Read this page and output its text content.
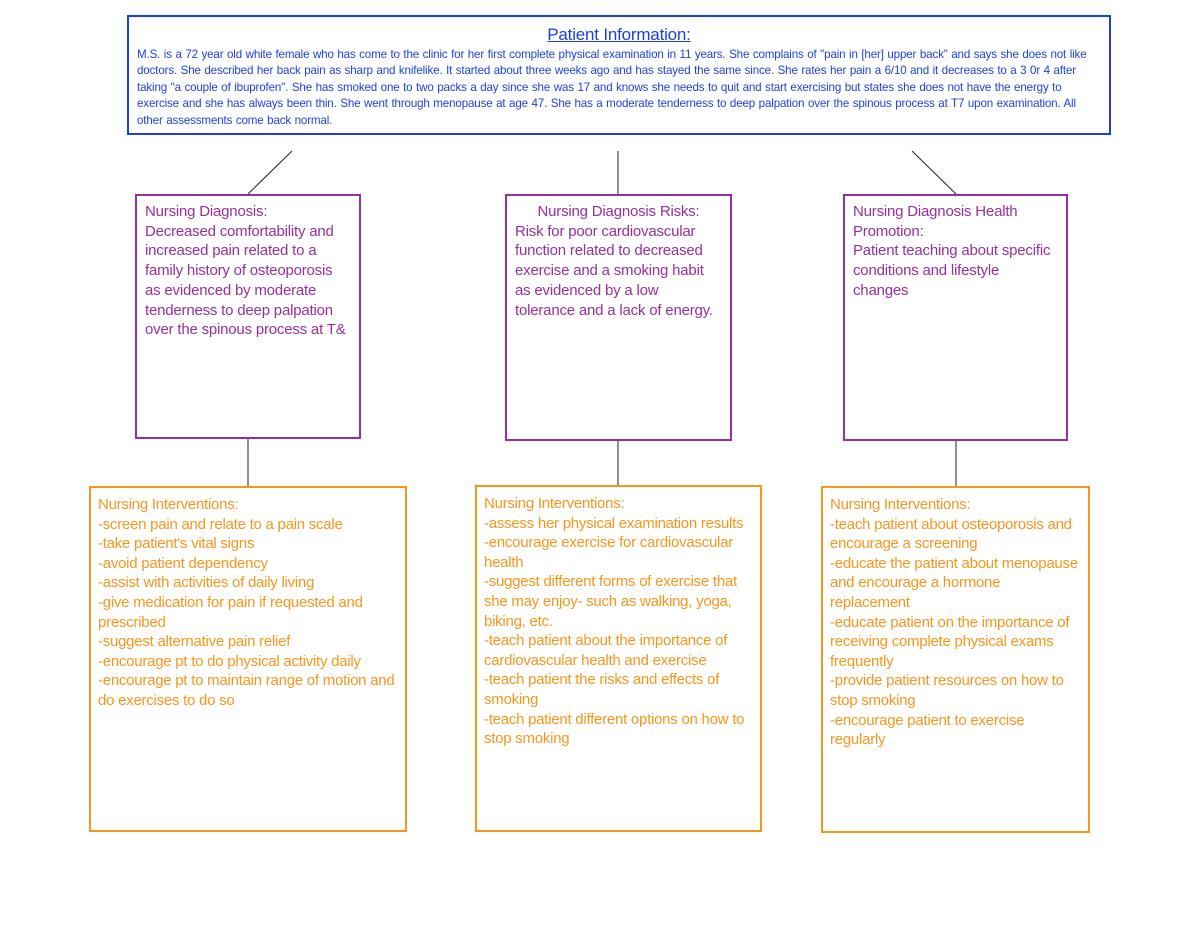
Patient Information:

M.S. is a 72 year old white female who has come to the clinic for her first complete physical examination in 11 years. She complains of "pain in [her] upper back" and says she does not like doctors. She described her back pain as sharp and knifelike. It started about three weeks ago and has stayed the same since. She rates her pain a 6/10 and it decreases to a 3 0r 4 after taking "a couple of ibuprofen". She has smoked one to two packs a day since she was 17 and knows she needs to quit and start exercising but states she does not have the energy to exercise and she has always been thin. She went through menopause at age 47. She has a moderate tenderness to deep palpation over the spinous process at T7 upon examination. All other assessments come back normal.

Nursing Diagnosis:
Decreased comfortability and increased pain related to a family history of osteoporosis as evidenced by moderate tenderness to deep palpation over the spinous process at T&
Nursing Diagnosis Risks:
Risk for poor cardiovascular function related to decreased exercise and a smoking habit as evidenced by a low tolerance and a lack of energy.
Nursing Diagnosis Health Promotion:
Patient teaching about specific conditions and lifestyle changes

Nursing Interventions:

-screen pain and relate to a pain scale
-take patient's vital signs
-avoid patient dependency
-assist with activities of daily living
-give medication for pain if requested and prescribed
-suggest alternative pain relief
-encourage pt to do physical activity daily
-encourage pt to maintain range of motion and do exercises to do so

Nursing Interventions:

-assess her physical examination results
-encourage exercise for cardiovascular health
-suggest different forms of exercise that she may enjoy- such as walking, yoga, biking, etc.
-teach patient about the importance of cardiovascular health and exercise
-teach patient the risks and effects of smoking
-teach patient different options on how to stop smoking

Nursing Interventions:

-teach patient about osteoporosis and encourage a screening
-educate the patient about menopause and encourage a hormone replacement
-educate patient on the importance of receiving complete physical exams frequently
-provide patient resources on how to stop smoking
-encourage patient to exercise regularly
